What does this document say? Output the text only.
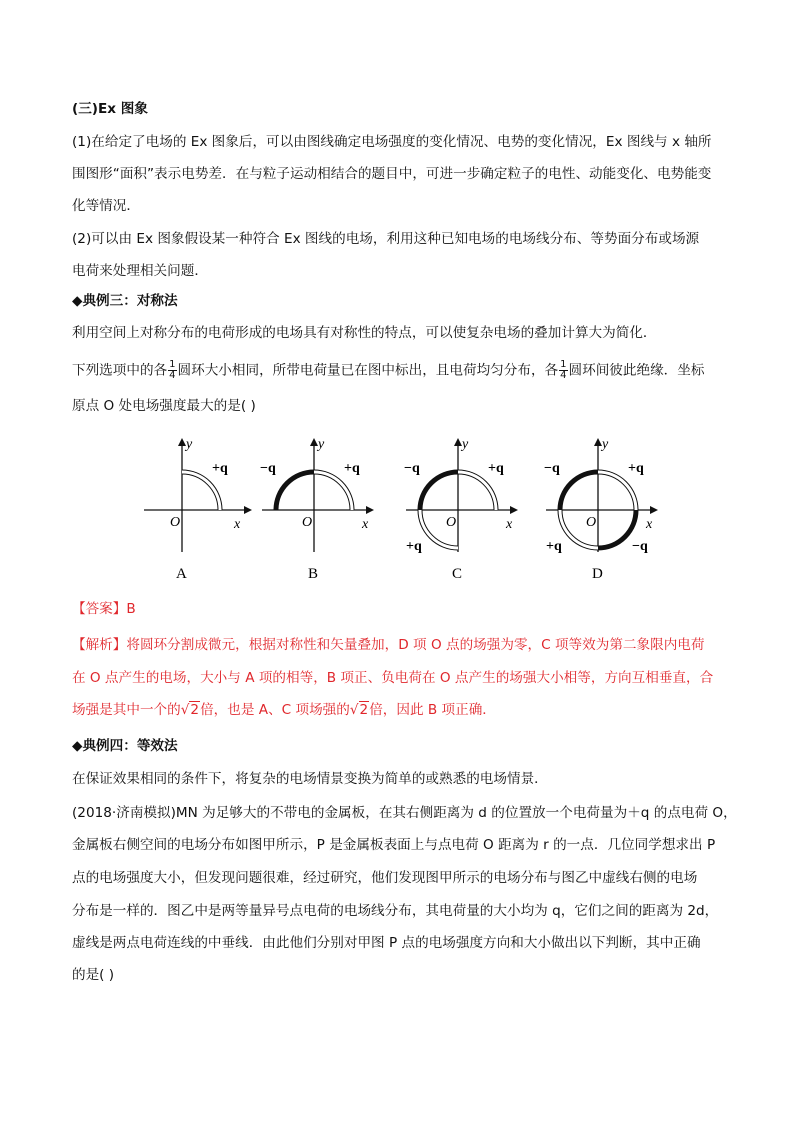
(三)Ex 图象
(1)在给定了电场的 Ex 图象后，可以由图线确定电场强度的变化情况、电势的变化情况，Ex 图线与 x 轴所
围图形“面积”表示电势差．在与粒子运动相结合的题目中，可进一步确定粒子的电性、动能变化、电势能变
化等情况．
(2)可以由 Ex 图象假设某一种符合 Ex 图线的电场，利用这种已知电场的电场线分布、等势面分布或场源
电荷来处理相关问题．
◆典例三：对称法
利用空间上对称分布的电荷形成的电场具有对称性的特点，可以使复杂电场的叠加计算大为简化．
下列选项中的各 $\frac{1}{4}$ 圆环大小相同，所带电荷量已在图中标出，且电荷均匀分布，各 $\frac{1}{4}$ 圆环间彼此绝缘．坐标
原点 O 处电场强度最大的是( )
【答案】B
【解析】将圆环分割成微元，根据对称性和矢量叠加，D 项 O 点的场强为零，C 项等效为第二象限内电荷
在 O 点产生的电场，大小与 A 项的相等，B 项正、负电荷在 O 点产生的场强大小相等，方向互相垂直，合
场强是其中一个的√2倍，也是 A、C 项场强的√2倍，因此 B 项正确．
◆典例四：等效法
在保证效果相同的条件下，将复杂的电场情景变换为简单的或熟悉的电场情景．
(2018·济南模拟)MN 为足够大的不带电的金属板，在其右侧距离为 d 的位置放一个电荷量为＋q 的点电荷 O，
金属板右侧空间的电场分布如图甲所示，P 是金属板表面上与点电荷 O 距离为 r 的一点．几位同学想求出 P
点的电场强度大小，但发现问题很难，经过研究，他们发现图甲所示的电场分布与图乙中虚线右侧的电场
分布是一样的．图乙中是两等量异号点电荷的电场线分布，其电荷量的大小均为 q，它们之间的距离为 2d，
虚线是两点电荷连线的中垂线．由此他们分别对甲图 P 点的电场强度方向和大小做出以下判断，其中正确
的是( )
y
O	x
+q
A
y
O	x
−q	+q
B
y
O	x
−q	+q
+q
C
y
O	x
−q	+q
+q	−q
D
